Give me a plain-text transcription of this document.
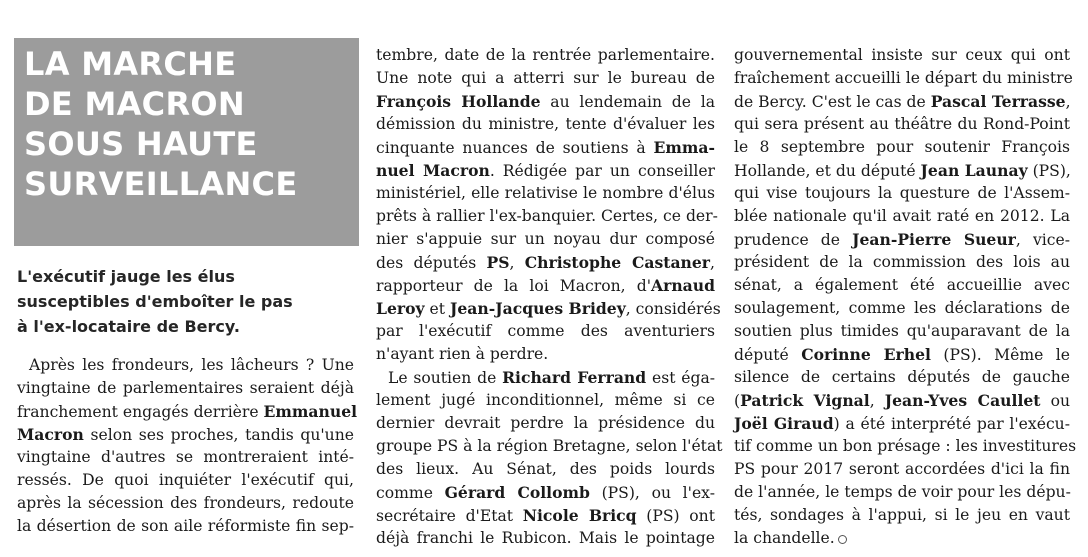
LA MARCHE
DE MACRON
SOUS HAUTE
SURVEILLANCE

L'exécutif jauge les élus
susceptibles d'emboîter le pas
à l'ex-locataire de Bercy.

Après les frondeurs, les lâcheurs ? Une
vingtaine de parlementaires seraient déjà
franchement engagés derrière Emmanuel
Macron selon ses proches, tandis qu'une
vingtaine d'autres se montreraient inté-
ressés. De quoi inquiéter l'exécutif qui,
après la sécession des frondeurs, redoute
la désertion de son aile réformiste fin sep-
tembre, date de la rentrée parlementaire.
Une note qui a atterri sur le bureau de
François Hollande au lendemain de la
démission du ministre, tente d'évaluer les
cinquante nuances de soutiens à Emma-
nuel Macron. Rédigée par un conseiller
ministériel, elle relativise le nombre d'élus
prêts à rallier l'ex-banquier. Certes, ce der-
nier s'appuie sur un noyau dur composé
des députés PS, Christophe Castaner,
rapporteur de la loi Macron, d'Arnaud
Leroy et Jean-Jacques Bridey, considérés
par l'exécutif comme des aventuriers
n'ayant rien à perdre.
Le soutien de Richard Ferrand est éga-
lement jugé inconditionnel, même si ce
dernier devrait perdre la présidence du
groupe PS à la région Bretagne, selon l'état
des lieux. Au Sénat, des poids lourds
comme Gérard Collomb (PS), ou l'ex-
secrétaire d'Etat Nicole Bricq (PS) ont
déjà franchi le Rubicon. Mais le pointage
gouvernemental insiste sur ceux qui ont
fraîchement accueilli le départ du ministre
de Bercy. C'est le cas de Pascal Terrasse,
qui sera présent au théâtre du Rond-Point
le 8 septembre pour soutenir François
Hollande, et du député Jean Launay (PS),
qui vise toujours la questure de l'Assem-
blée nationale qu'il avait raté en 2012. La
prudence de Jean-Pierre Sueur, vice-
président de la commission des lois au
sénat, a également été accueillie avec
soulagement, comme les déclarations de
soutien plus timides qu'auparavant de la
député Corinne Erhel (PS). Même le
silence de certains députés de gauche
(Patrick Vignal, Jean-Yves Caullet ou
Joël Giraud) a été interprété par l'exécu-
tif comme un bon présage : les investitures
PS pour 2017 seront accordées d'ici la fin
de l'année, le temps de voir pour les dépu-
tés, sondages à l'appui, si le jeu en vaut
la chandelle.
